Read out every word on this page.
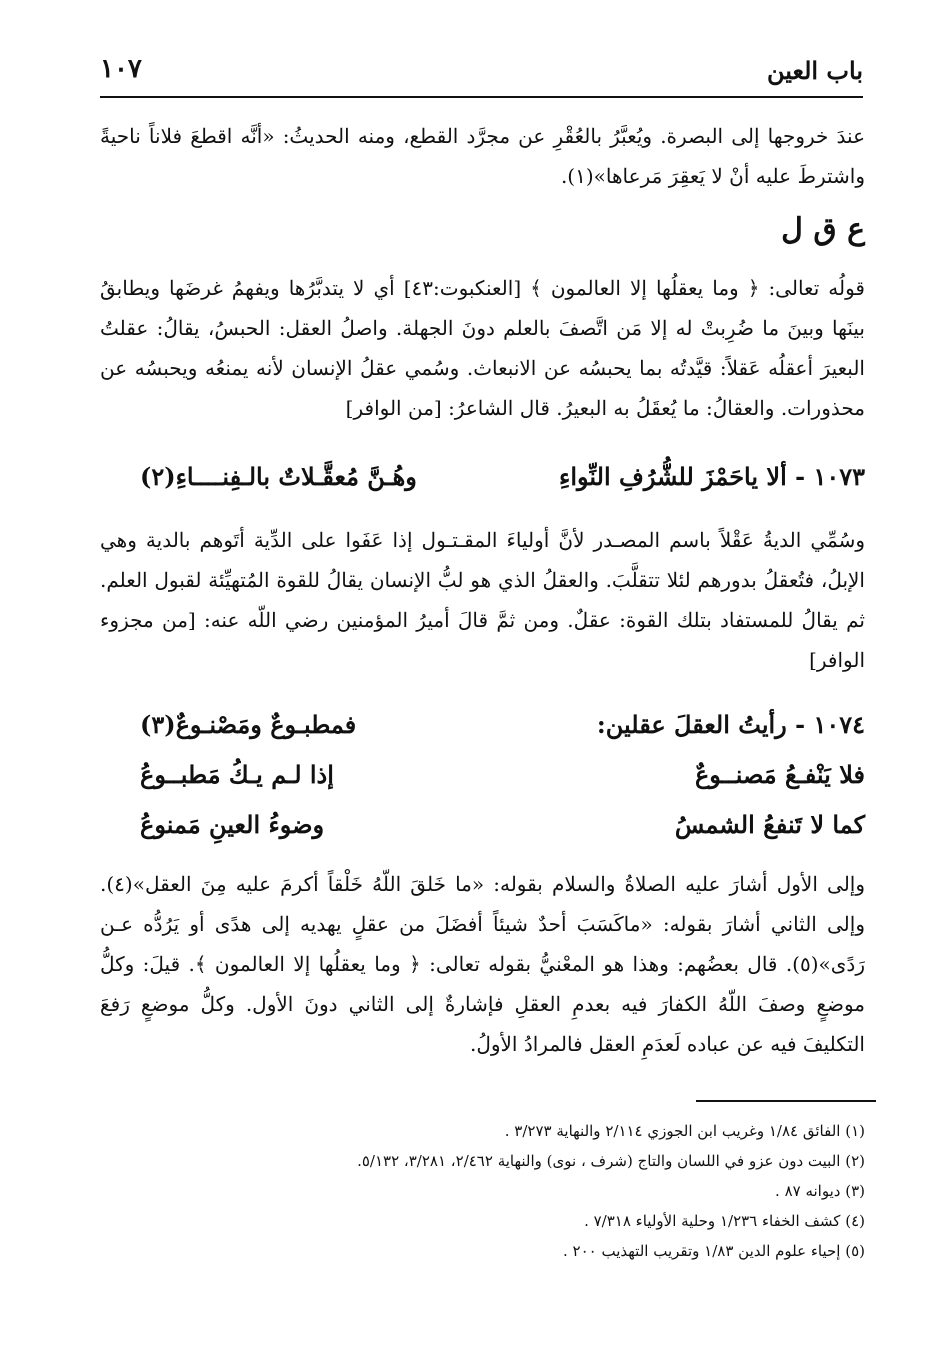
باب العين
١٠٧
عندَ خروجها إلى البصرة. ويُعبَّرُ بالعُقْرِ عن مجرَّد القطع، ومنه الحديثُ: «أنَّه اقطعَ فلاناً ناحيةً واشترطَ عليه أنْ لا يَعقِرَ مَرعاها»(١).
ع ق ل
قولُه تعالى: ﴿ وما يعقلُها إلا العالمون ﴾ [العنكبوت:٤٣] أي لا يتدبَّرُها ويفهمُ غرضَها ويطابقُ بينَها وبينَ ما ضُرِبتْ له إلا مَن اتَّصفَ بالعلم دونَ الجهلة. واصلُ العقل: الحبسُ، يقالُ: عقلتُ البعيرَ أعقلُه عَقلاً: قيَّدتُه بما يحبسُه عن الانبعاث. وسُمي عقلُ الإنسان لأنه يمنعُه ويحبسُه عن محذورات. والعقالُ: ما يُعقَلُ به البعيرُ. قال الشاعرُ: [من الوافر]
١٠٧٣ - ألا ياحَمْزَ للشُّرُفِ النِّواءِ
وهُـنَّ مُعقَّـلاتٌ بالـفِنــــاءِ(٢)
وسُمِّي الديةُ عَقْلاً باسم المصـدر لأنَّ أولياءَ المقـتـول إذا عَفَوا على الدِّية أتَوهم بالدية وهي الإبلُ، فتُعقلُ بدورهم لئلا تتقلَّبَ. والعقلُ الذي هو لبُّ الإنسان يقالُ للقوة المُتهيِّئة لقبول العلم. ثم يقالُ للمستفاد بتلك القوة: عقلٌ. ومن ثمَّ قالَ أميرُ المؤمنين رضي اللّه عنه: [من مجزوء الوافر]
١٠٧٤ - رأيتُ العقلَ عقلين:
فمطبـوعٌ ومَصْنـوعٌ(٣)
فلا يَنْفـعُ مَصنــوعٌ
إذا لـم يـكُ مَطبــوعُ
كما لا تَنفعُ الشمسُ
وضوءُ العينِ مَمنوعُ
وإلى الأول أشارَ عليه الصلاةُ والسلام بقوله: «ما خَلقَ اللّهُ خَلْقاً أكرمَ عليه مِنَ العقل»(٤). وإلى الثاني أشارَ بقوله: «ماكَسَبَ أحدٌ شيئاً أفضَلَ من عقلٍ يهديه إلى هدًى أو يَرُدُّه عـن رَدًى»(٥). قال بعضُهم: وهذا هو المعْنيُّ بقوله تعالى: ﴿ وما يعقلُها إلا العالمون ﴾. قيلَ: وكلُّ موضعٍ وصفَ اللّهُ الكفارَ فيه بعدمِ العقلِ فإشارةٌ إلى الثاني دونَ الأول. وكلُّ موضعٍ رَفعَ التكليفَ فيه عن عباده لَعدَمِ العقل فالمرادُ الأولُ.
(١) الفائق ١/٨٤ وغريب ابن الجوزي ٢/١١٤ والنهاية ٣/٢٧٣ .
(٢) البيت دون عزو في اللسان والتاج (شرف ، نوى) والنهاية ٢/٤٦٢، ٣/٢٨١، ٥/١٣٢.
(٣) ديوانه ٨٧ .
(٤) كشف الخفاء ١/٢٣٦ وحلية الأولياء ٧/٣١٨ .
(٥) إحياء علوم الدين ١/٨٣ وتقريب التهذيب ٢٠٠ .
